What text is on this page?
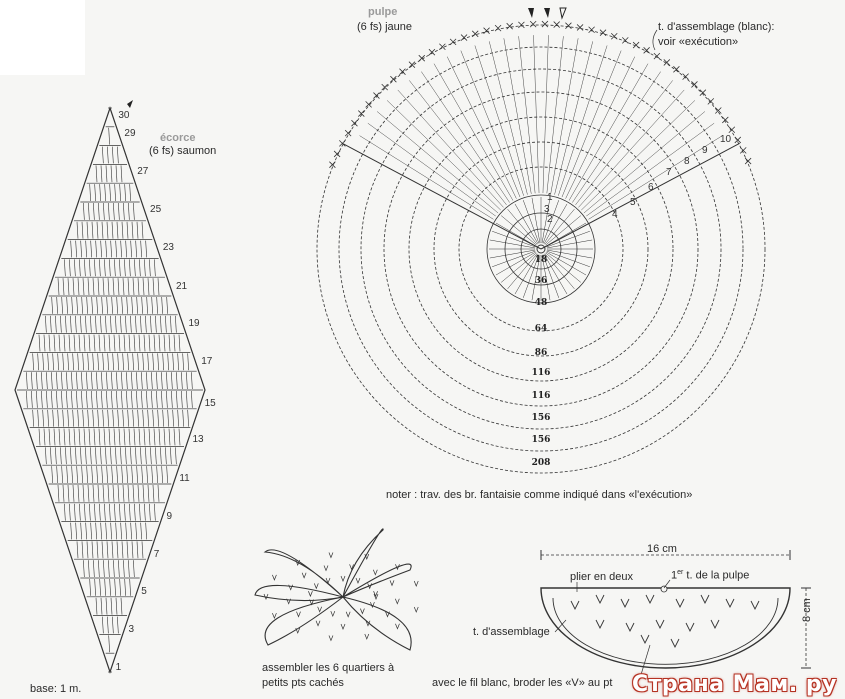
30
29
27
25
23
21
19
17
15
13
11
9
7
5
3
1
écorce
(6 fs) saumon
base: 1 m.
18
36
48
64
86
116
116
156
156
208
1
2
3	4
5
6
7
8
9
10
pulpe
(6 fs) jaune	t. d'assemblage (blanc):
voir «exécution»
noter : trav. des br. fantaisie comme indiqué dans «l'exécution»
assembler les 6 quartiers à
petits pts cachés
16 cm
8 cm
plier en deux	1er t. de la pulpe
t. d'assemblage
avec le fil blanc, broder les «V» au pt Страна Мам. ру
